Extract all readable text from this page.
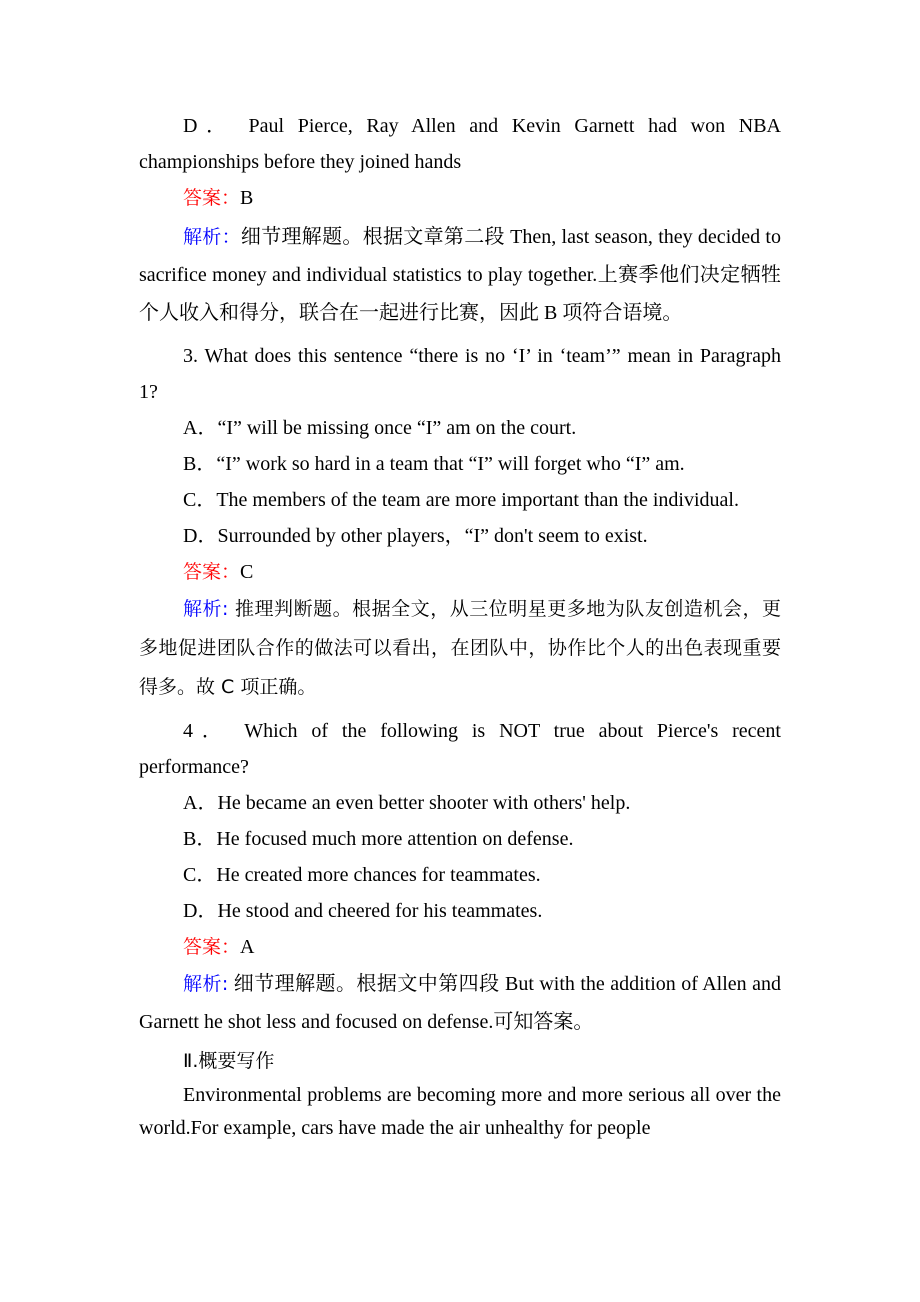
D． Paul Pierce, Ray Allen and Kevin Garnett had won NBA

championships before they joined hands

答案：B

解析：细节理解题。根据文章第二段 Then, last season, they decided to sacrifice money and individual statistics to play together.上赛季他们决定牺牲个人收入和得分，联合在一起进行比赛，因此 B 项符合语境。

3. What does this sentence “there is no ‘I’ in ‘team’” mean in Paragraph 1?

A．“I” will be missing once “I” am on the court.

B．“I” work so hard in a team that “I” will forget who “I” am.

C．The members of the team are more important than the individual.

D．Surrounded by other players，“I” don't seem to exist.

答案：C

解析: 推理判断题。根据全文，从三位明星更多地为队友创造机会，更多地促进团队合作的做法可以看出，在团队中，协作比个人的出色表现重要得多。故 C 项正确。

4． Which of the following is NOT true about Pierce's recent performance?

A．He became an even better shooter with others' help.

B．He focused much more attention on defense.

C．He created more chances for teammates.

D．He stood and cheered for his teammates.

答案：A

解析: 细节理解题。根据文中第四段 But with the addition of Allen and Garnett he shot less and focused on defense.可知答案。

Ⅱ.概要写作

Environmental problems are becoming more and more serious all over the world.For example, cars have made the air unhealthy for people
